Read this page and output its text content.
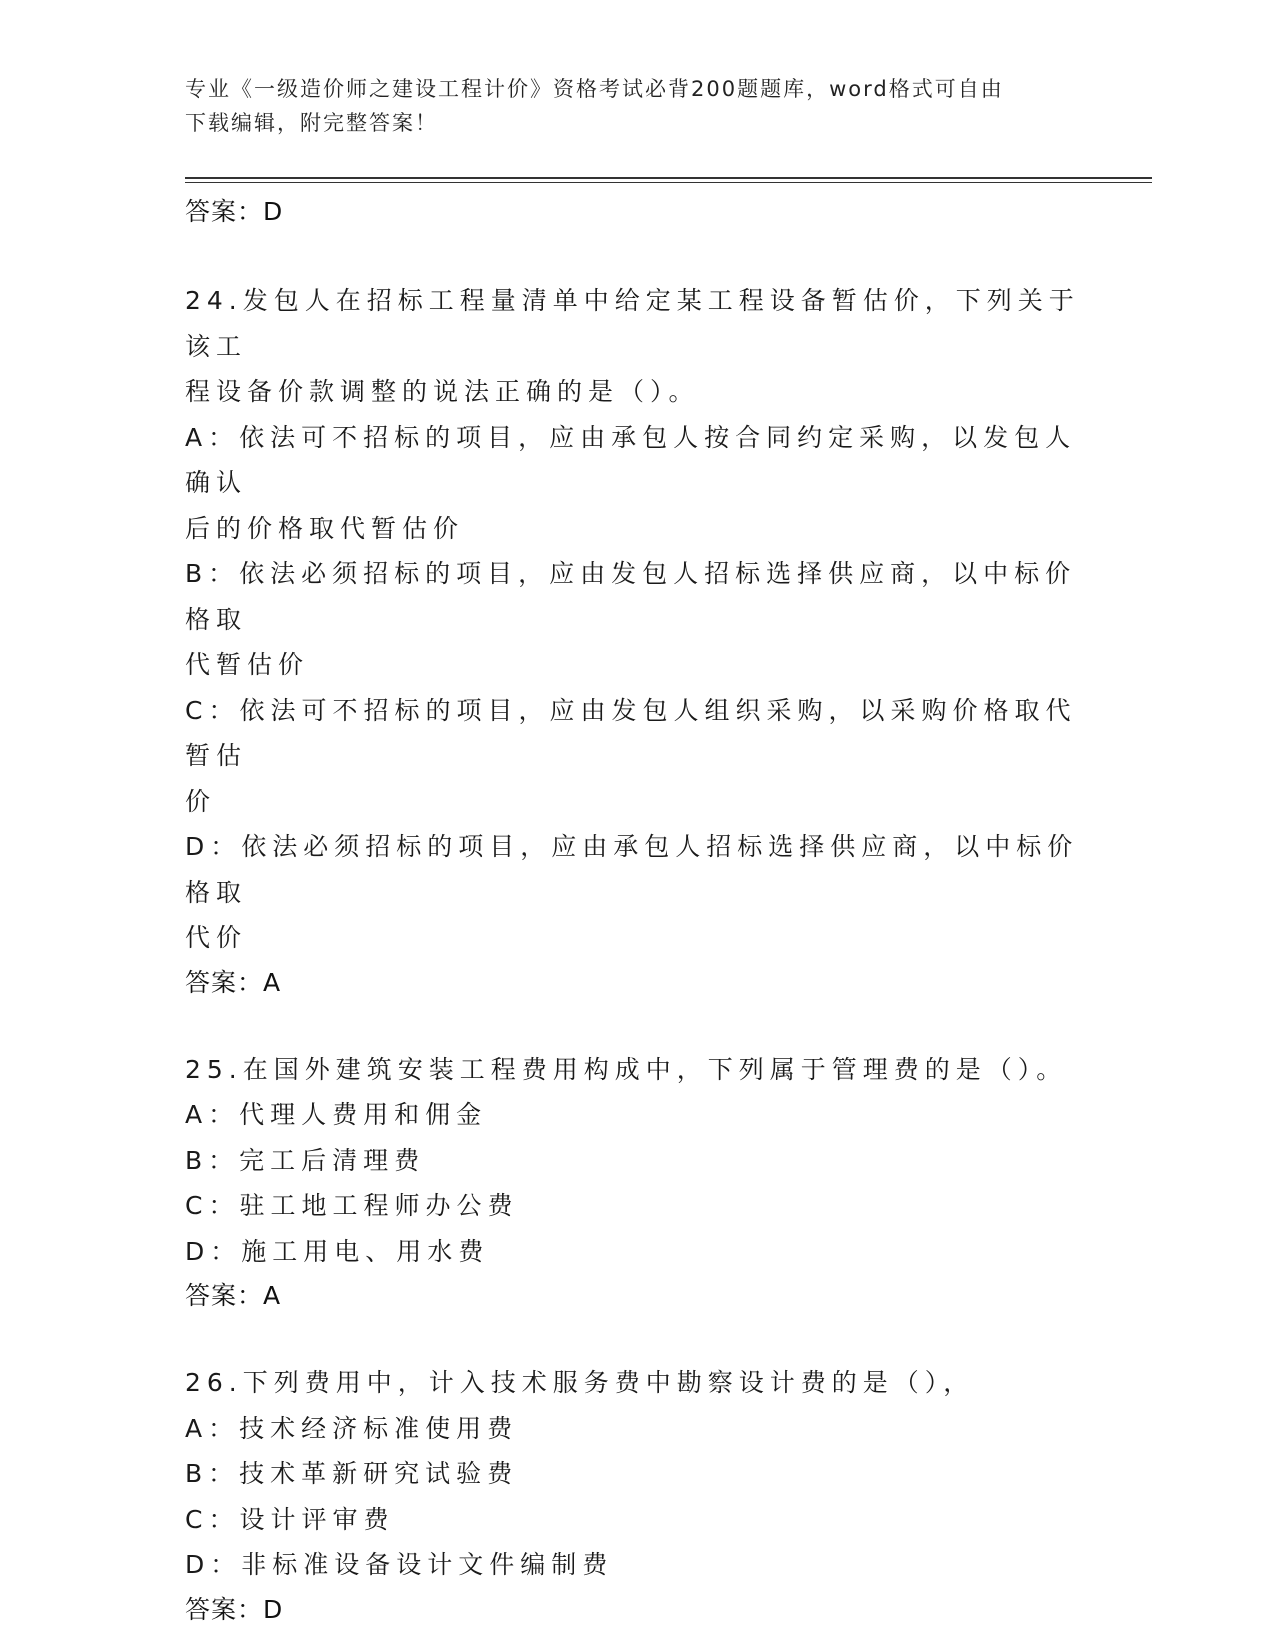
专业《一级造价师之建设工程计价》资格考试必背200题题库，word格式可自由
下载编辑，附完整答案！

答案：D

24.发包人在招标工程量清单中给定某工程设备暂估价，下列关于该工

程设备价款调整的说法正确的是（）。

A：依法可不招标的项目，应由承包人按合同约定采购，以发包人确认

后的价格取代暂估价

B：依法必须招标的项目，应由发包人招标选择供应商，以中标价格取

代暂估价

C：依法可不招标的项目，应由发包人组织采购，以采购价格取代暂估

价

D：依法必须招标的项目，应由承包人招标选择供应商，以中标价格取

代价

答案：A

25.在国外建筑安装工程费用构成中，下列属于管理费的是（）。

A：代理人费用和佣金

B：完工后清理费

C：驻工地工程师办公费

D：施工用电、用水费

答案：A

26.下列费用中，计入技术服务费中勘察设计费的是（），

A：技术经济标准使用费

B：技术革新研究试验费

C：设计评审费

D：非标准设备设计文件编制费

答案：D
